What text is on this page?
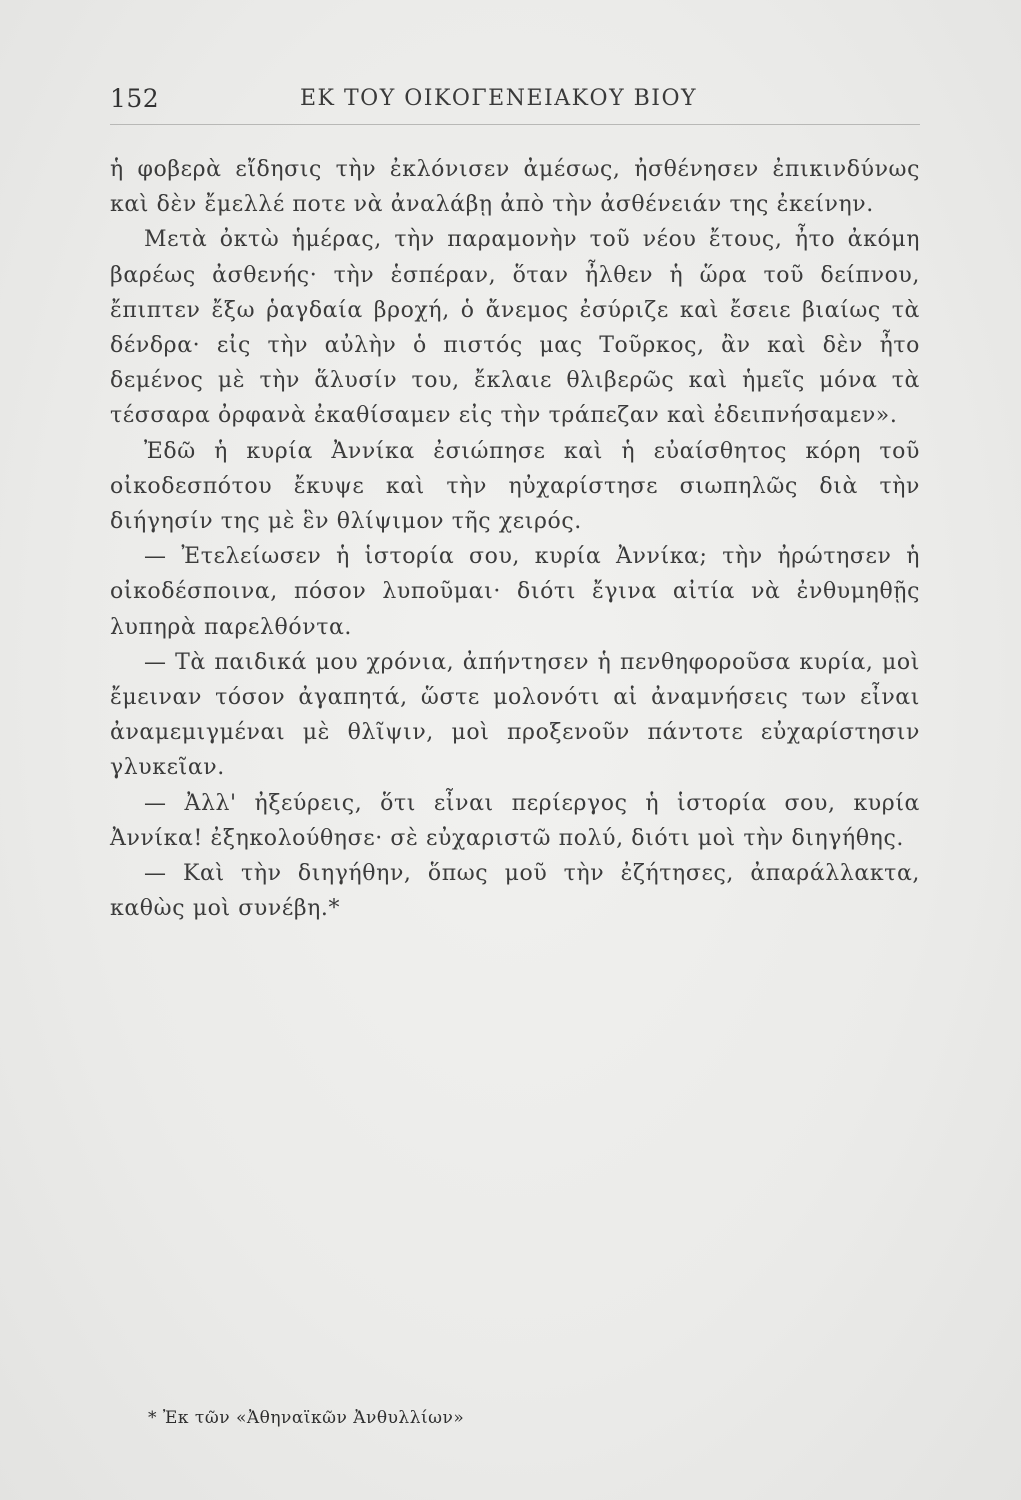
152	ΕΚ ΤΟΥ ΟΙΚΟΓΕΝΕΙΑΚΟΥ ΒΙΟΥ

ἡ φοβερὰ εἴδησις τὴν ἐκλόνισεν ἀμέσως, ἠσθένησεν ἐπικινδύνως καὶ δὲν ἔμελλέ ποτε νὰ ἀναλάβῃ ἀπὸ τὴν ἀσθένειάν της ἐκείνην.

Μετὰ ὀκτὼ ἡμέρας, τὴν παραμονὴν τοῦ νέου ἔτους, ἦτο ἀκόμη βαρέως ἀσθενής· τὴν ἑσπέραν, ὅταν ἦλθεν ἡ ὥρα τοῦ δείπνου, ἔπιπτεν ἔξω ῥαγδαία βροχή, ὁ ἄνεμος ἐσύριζε καὶ ἔσειε βιαίως τὰ δένδρα· εἰς τὴν αὐλὴν ὁ πιστός μας Τοῦρκος, ἂν καὶ δὲν ἦτο δεμένος μὲ τὴν ἅλυσίν του, ἔκλαιε θλιβερῶς καὶ ἡμεῖς μόνα τὰ τέσσαρα ὀρφανὰ ἐκαθίσαμεν εἰς τὴν τράπεζαν καὶ ἐδειπνήσαμεν».

Ἐδῶ ἡ κυρία Ἀννίκα ἐσιώπησε καὶ ἡ εὐαίσθητος κόρη τοῦ οἰκοδεσπότου ἔκυψε καὶ τὴν ηὐχαρίστησε σιωπηλῶς διὰ τὴν διήγησίν της μὲ ἓν θλίψιμον τῆς χειρός.

— Ἐτελείωσεν ἡ ἱστορία σου, κυρία Ἀννίκα; τὴν ἠρώτησεν ἡ οἰκοδέσποινα, πόσον λυποῦμαι· διότι ἔγινα αἰτία νὰ ἐνθυμηθῇς λυπηρὰ παρελθόντα.

— Τὰ παιδικά μου χρόνια, ἀπήντησεν ἡ πενθηφοροῦσα κυρία, μοὶ ἔμειναν τόσον ἀγαπητά, ὥστε μολονότι αἱ ἀναμνήσεις των εἶναι ἀναμεμιγμέναι μὲ θλῖψιν, μοὶ προξενοῦν πάντοτε εὐχαρίστησιν γλυκεῖαν.

— Ἀλλ' ἠξεύρεις, ὅτι εἶναι περίεργος ἡ ἱστορία σου, κυρία Ἀννίκα! ἐξηκολούθησε· σὲ εὐχαριστῶ πολύ, διότι μοὶ τὴν διηγήθης.

— Καὶ τὴν διηγήθην, ὅπως μοῦ τὴν ἐζήτησες, ἀπαράλλακτα, καθὼς μοὶ συνέβη.*

* Ἐκ τῶν «Ἀθηναϊκῶν Ἀνθυλλίων»
